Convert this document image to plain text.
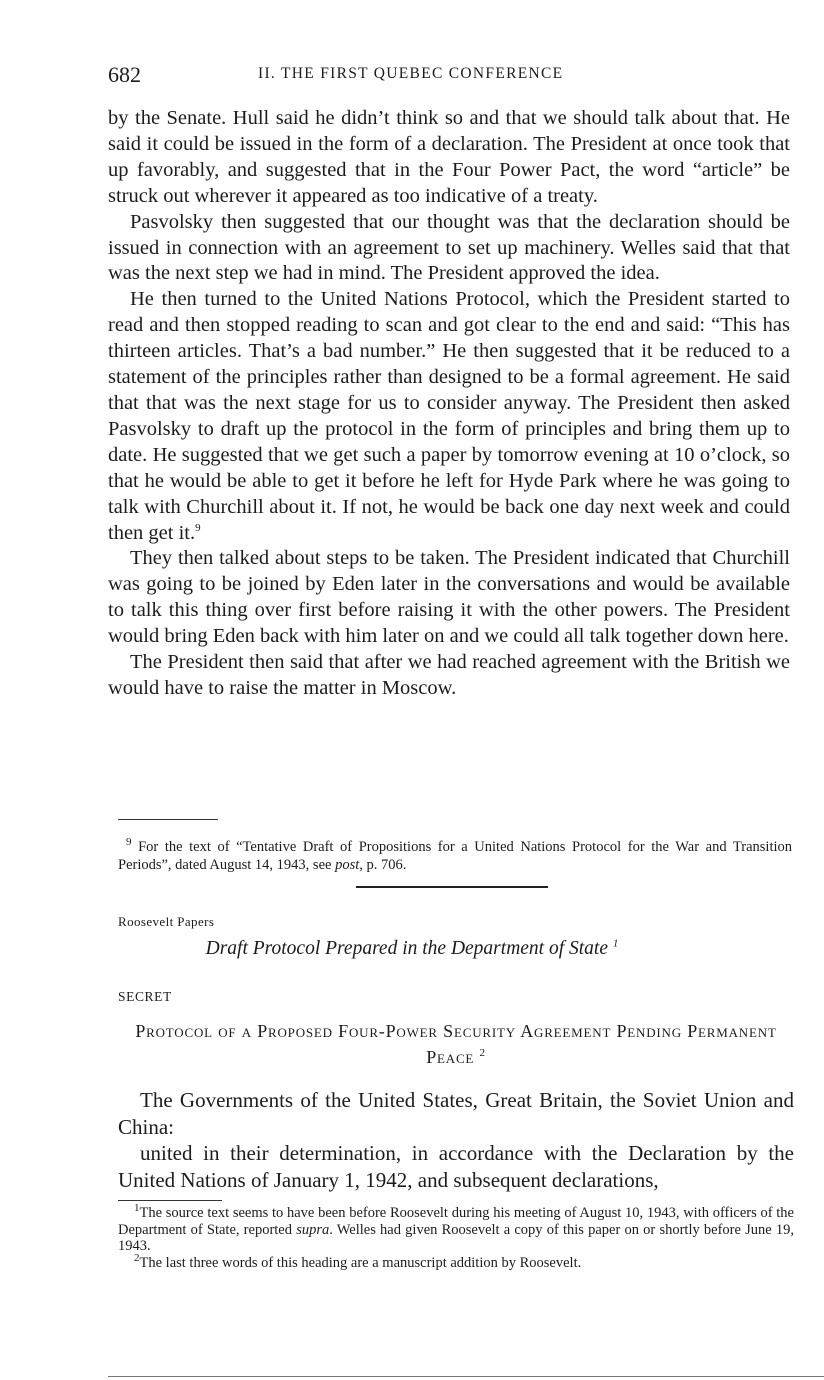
682	II. THE FIRST QUEBEC CONFERENCE

by the Senate. Hull said he didn’t think so and that we should talk about that. He said it could be issued in the form of a declaration. The President at once took that up favorably, and suggested that in the Four Power Pact, the word “article” be struck out wherever it appeared as too indicative of a treaty.

Pasvolsky then suggested that our thought was that the declaration should be issued in connection with an agreement to set up machinery. Welles said that that was the next step we had in mind. The President approved the idea.

He then turned to the United Nations Protocol, which the President started to read and then stopped reading to scan and got clear to the end and said: “This has thirteen articles. That’s a bad number.” He then suggested that it be reduced to a statement of the principles rather than designed to be a formal agreement. He said that that was the next stage for us to consider anyway. The President then asked Pasvolsky to draft up the protocol in the form of principles and bring them up to date. He suggested that we get such a paper by tomorrow evening at 10 o’clock, so that he would be able to get it before he left for Hyde Park where he was going to talk with Churchill about it. If not, he would be back one day next week and could then get it.$^9$

They then talked about steps to be taken. The President indicated that Churchill was going to be joined by Eden later in the conversations and would be available to talk this thing over first before raising it with the other powers. The President would bring Eden back with him later on and we could all talk together down here.

The President then said that after we had reached agreement with the British we would have to raise the matter in Moscow.

$^9$ For the text of “Tentative Draft of Propositions for a United Nations Protocol for the War and Transition Periods”, dated August 14, 1943, see post, p. 706.

Roosevelt Papers
Draft Protocol Prepared in the Department of State $^1$
SECRET
Protocol of a Proposed Four-Power Security Agreement Pending Permanent Peace $^2$

The Governments of the United States, Great Britain, the Soviet Union and China:

united in their determination, in accordance with the Declaration by the United Nations of January 1, 1942, and subsequent declarations,

$^1$The source text seems to have been before Roosevelt during his meeting of August 10, 1943, with officers of the Department of State, reported supra. Welles had given Roosevelt a copy of this paper on or shortly before June 19, 1943.

$^2$The last three words of this heading are a manuscript addition by Roosevelt.
